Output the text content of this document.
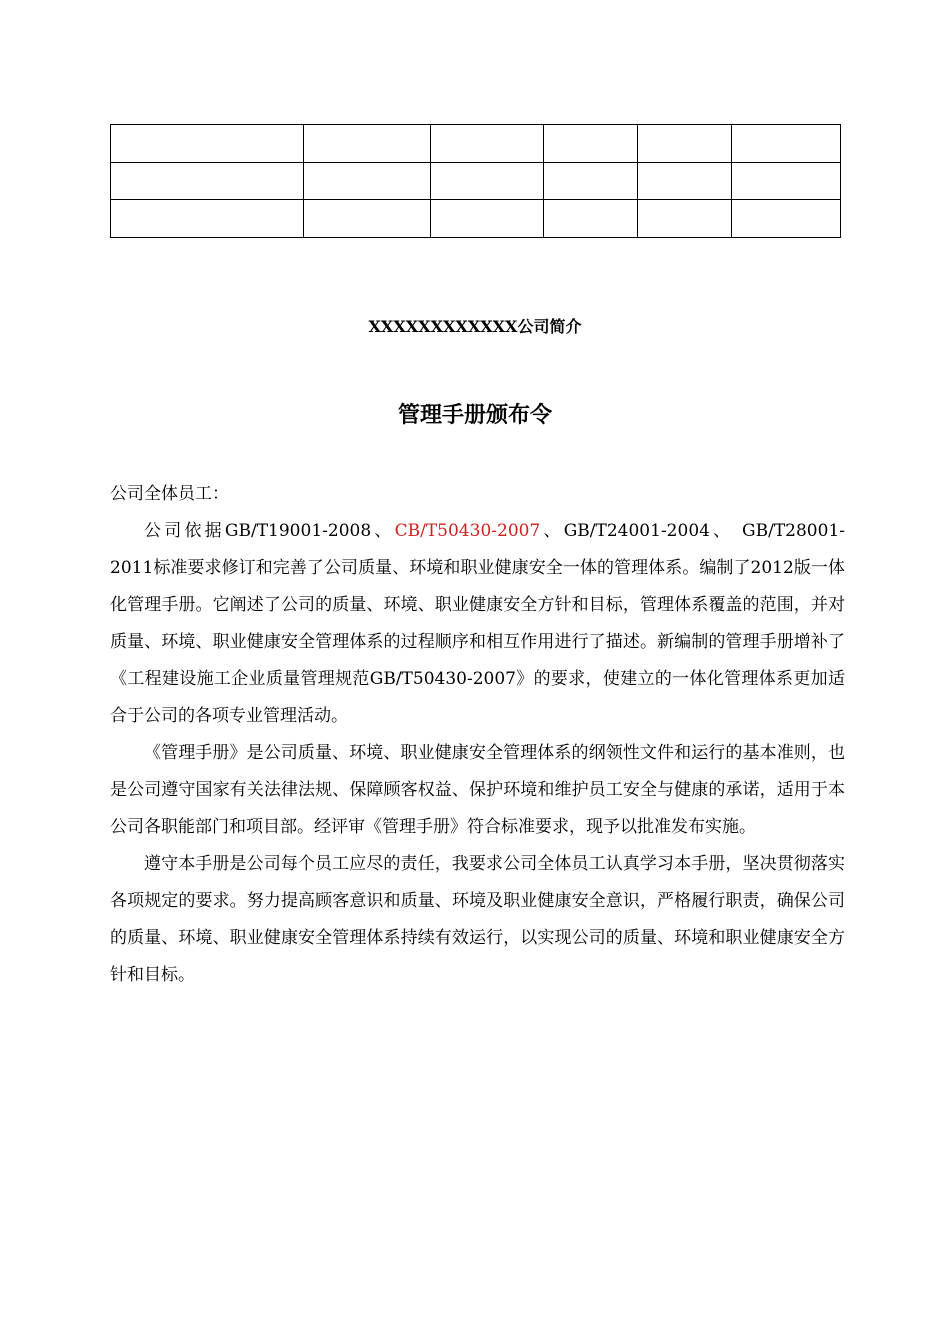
XXXXXXXXXXXX公司简介
管理手册颁布令

公司全体员工：

公司依据GB/T19001-2008、CB/T50430-2007、GB/T24001-2004、 GB/T28001-2011标准要求修订和完善了公司质量、环境和职业健康安全一体的管理体系。编制了2012版一体化管理手册。它阐述了公司的质量、环境、职业健康安全方针和目标，管理体系覆盖的范围，并对质量、环境、职业健康安全管理体系的过程顺序和相互作用进行了描述。新编制的管理手册增补了《工程建设施工企业质量管理规范GB/T50430-2007》的要求，使建立的一体化管理体系更加适合于公司的各项专业管理活动。

《管理手册》是公司质量、环境、职业健康安全管理体系的纲领性文件和运行的基本准则，也是公司遵守国家有关法律法规、保障顾客权益、保护环境和维护员工安全与健康的承诺，适用于本公司各职能部门和项目部。经评审《管理手册》符合标准要求，现予以批准发布实施。

遵守本手册是公司每个员工应尽的责任，我要求公司全体员工认真学习本手册，坚决贯彻落实各项规定的要求。努力提高顾客意识和质量、环境及职业健康安全意识，严格履行职责，确保公司的质量、环境、职业健康安全管理体系持续有效运行，以实现公司的质量、环境和职业健康安全方针和目标。
